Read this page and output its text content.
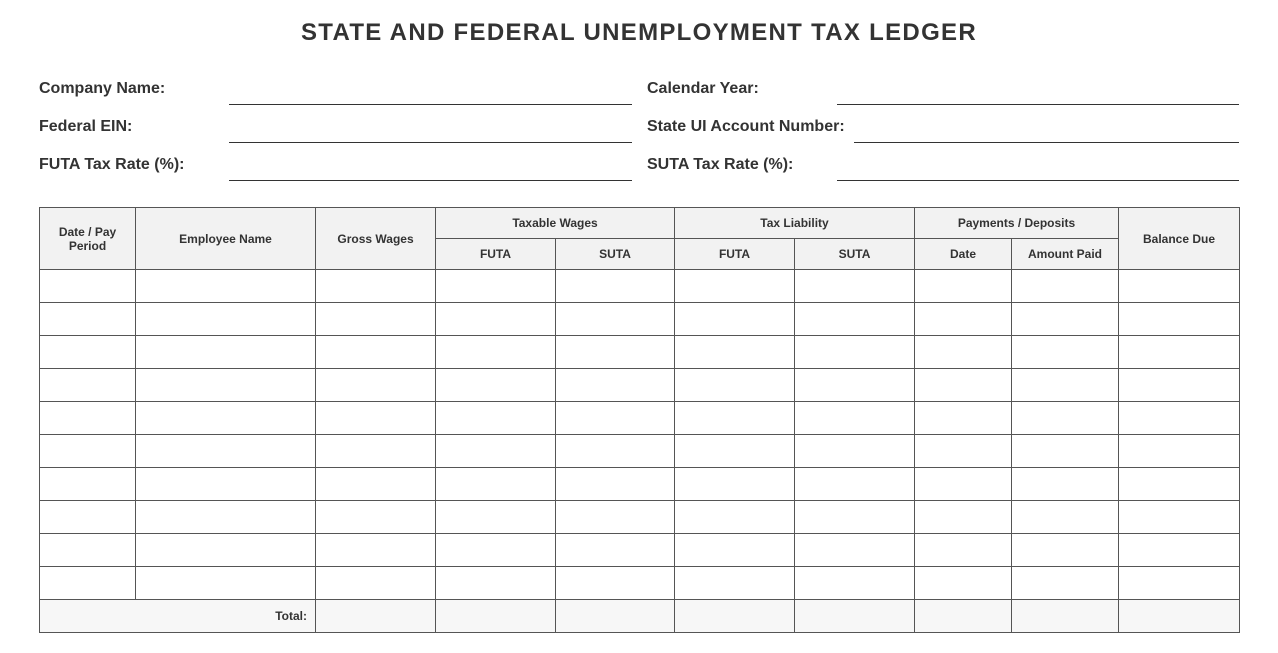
STATE AND FEDERAL UNEMPLOYMENT TAX LEDGER
Company Name:	Calendar Year:
Federal EIN:	State UI Account Number:
FUTA Tax Rate (%):	SUTA Tax Rate (%):
Date / Pay Period	Employee Name	Gross Wages	Taxable Wages		Tax Liability		Payments / Deposits		Balance Due
			FUTA	SUTA	FUTA	SUTA	Date	Amount Paid	

Total:									
